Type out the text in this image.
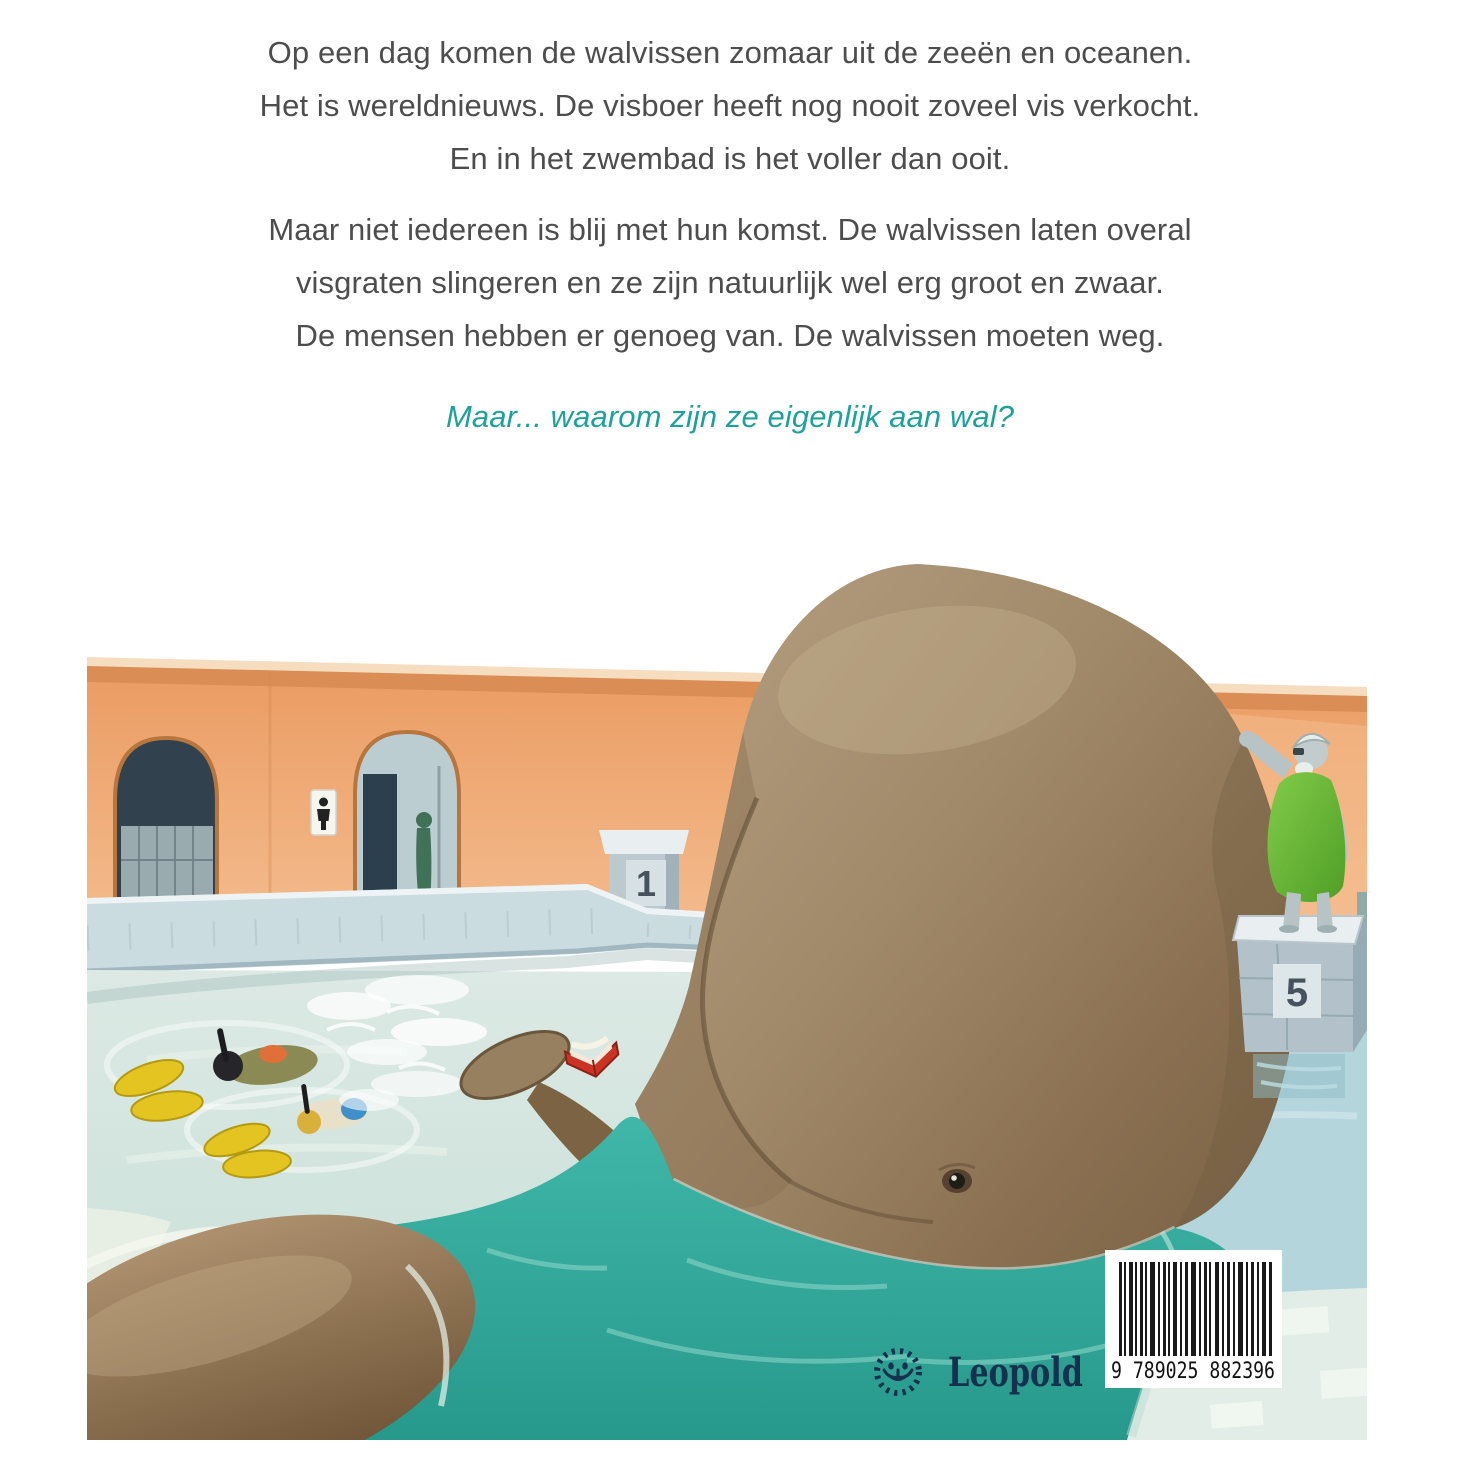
Op een dag komen de walvissen zomaar uit de zeeën en oceanen.
Het is wereldnieuws. De visboer heeft nog nooit zoveel vis verkocht.
En in het zwembad is het voller dan ooit.
Maar niet iedereen is blij met hun komst. De walvissen laten overal
visgraten slingeren en ze zijn natuurlijk wel erg groot en zwaar.
De mensen hebben er genoeg van. De walvissen moeten weg.
Maar... waarom zijn ze eigenlijk aan wal?
1
5
9 789025 882396
Leopold
